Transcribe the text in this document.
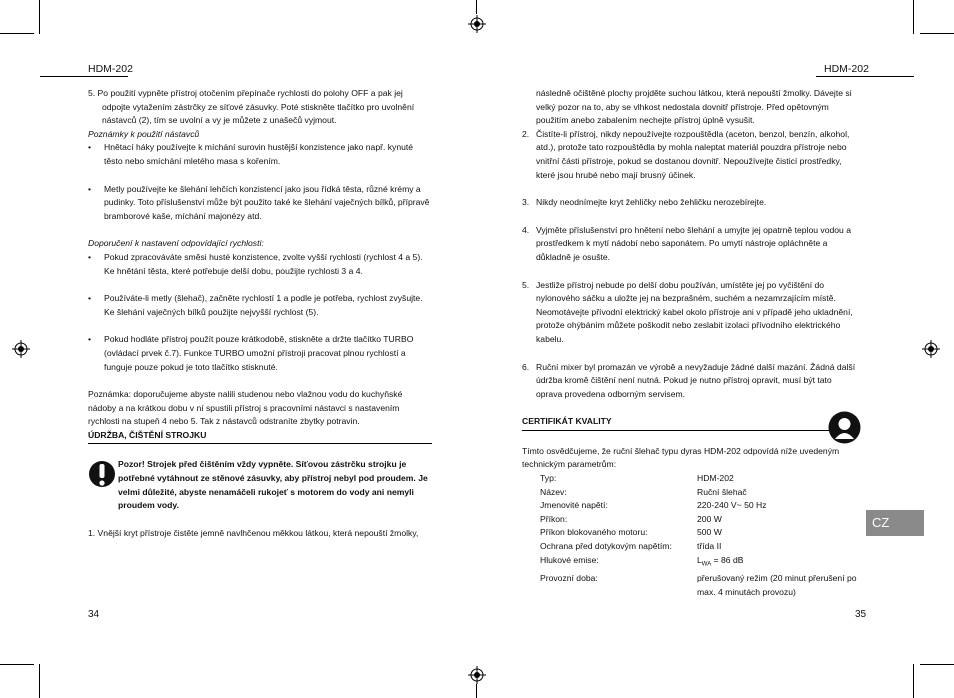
HDM-202	HDM-202

5. Po použití vypněte přístroj otočením přepínače rychlosti do polohy OFF a pak jej odpojte vytažením zástrčky ze síťové zásuvky. Poté stiskněte tlačítko pro uvolnění nástavců (2), tím se uvolní a vy je můžete z unašečů vyjmout.

Poznámky k použití nástavců

•	Hnětací háky používejte k míchání surovin hustější konzistence jako např. kynuté těsto nebo smíchání mletého masa s kořením.
•	Metly používejte ke šlehání lehčích konzistencí jako jsou řídká těsta, různé krémy a pudinky. Toto příslušenství může být použito také ke šlehání vaječných bílků, přípravě bramborové kaše, míchání majonézy atd.

Doporučení k nastavení odpovídající rychlosti:

•	Pokud zpracováváte směsi husté konzistence, zvolte vyšší rychlosti (rychlost 4 a 5). Ke hnětání těsta, které potřebuje delší dobu, použijte rychlosti 3 a 4.
•	Používáte-li metly (šlehač), začněte rychlostí 1 a podle je potřeba, rychlost zvyšujte. Ke šlehání vaječných bílků použijte nejvyšší rychlost (5).
•	Pokud hodláte přístroj použít pouze krátkodobě, stiskněte a držte tlačítko TURBO (ovládací prvek č.7). Funkce TURBO umožní přístroji pracovat plnou rychlostí a funguje pouze pokud je toto tlačítko stisknuté.

Poznámka: doporučujeme abyste nalili studenou nebo vlažnou vodu do kuchyňské nádoby a na krátkou dobu v ní spustili přístroj s pracovními nástavci s nastavením rychlosti na stupeň 4 nebo 5. Tak z nástavců odstraníte zbytky potravin.

ÚDRŽBA, ČIŠTĚNÍ STROJKU
Pozor! Strojek před čištěním vždy vypněte. Síťovou zástrčku strojku je potřebné vytáhnout ze stěnové zásuvky, aby přístroj nebyl pod proudem. Je velmi důležité, abyste nenamáčeli rukojeť s motorem do vody ani nemyli proudem vody.

1. Vnější kryt přístroje čistěte jemně navlhčenou měkkou látkou, která nepouští žmolky,

34

následně očištěné plochy projděte suchou látkou, která nepouští žmolky. Dávejte si velký pozor na to, aby se vlhkost nedostala dovnitř přístroje. Před opětovným použitím anebo zabalením nechejte přístroj úplně vysušit.

2. Čistíte-li přístroj, nikdy nepoužívejte rozpouštědla (aceton, benzol, benzín, alkohol, atd.), protože tato rozpouštědla by mohla naleptat materiál pouzdra přístroje nebo vnitřní části přístroje, pokud se dostanou dovnitř. Nepoužívejte čisticí prostředky, které jsou hrubé nebo mají brusný účinek.
3. Nikdy neodnímejte kryt žehličky nebo žehličku nerozebírejte.
4. Vyjměte příslušenství pro hnětení nebo šlehání a umyjte jej opatrně teplou vodou a prostředkem k mytí nádobí nebo saponátem. Po umytí nástroje opláchněte a důkladně je osušte.
5. Jestliže přístroj nebude po delší dobu používán, umístěte jej po vyčištění do nylonového sáčku a uložte jej na bezprašném, suchém a nezamrzajícím místě. Neomotávejte přívodní elektrický kabel okolo přístroje ani v případě jeho ukladnění, protože ohýbáním můžete poškodit nebo zeslabit izolaci přívodního elektrického kabelu.
6. Ruční mixer byl promazán ve výrobě a nevyžaduje žádné další mazání. Žádná další údržba kromě čištění není nutná. Pokud je nutno přístroj opravit, musí být tato oprava provedena odborným servisem.
CERTIFIKÁT KVALITY

Tímto osvědčujeme, že ruční šlehač typu dyras HDM-202 odpovídá níže uvedeným technickým parametrům:

Typ:	HDM-202
Název:	Ruční šlehač
Jmenovité napětí:	220-240 V~ 50 Hz
Příkon:	200 W
Příkon blokovaného motoru:	500 W
Ochrana před dotykovým napětím:	třída II
Hlukové emise:	$L_{WA} = 86$ dB
Provozní doba:	přerušovaný režim (20 minut přerušení po max. 4 minutách provozu)
35
CZ
